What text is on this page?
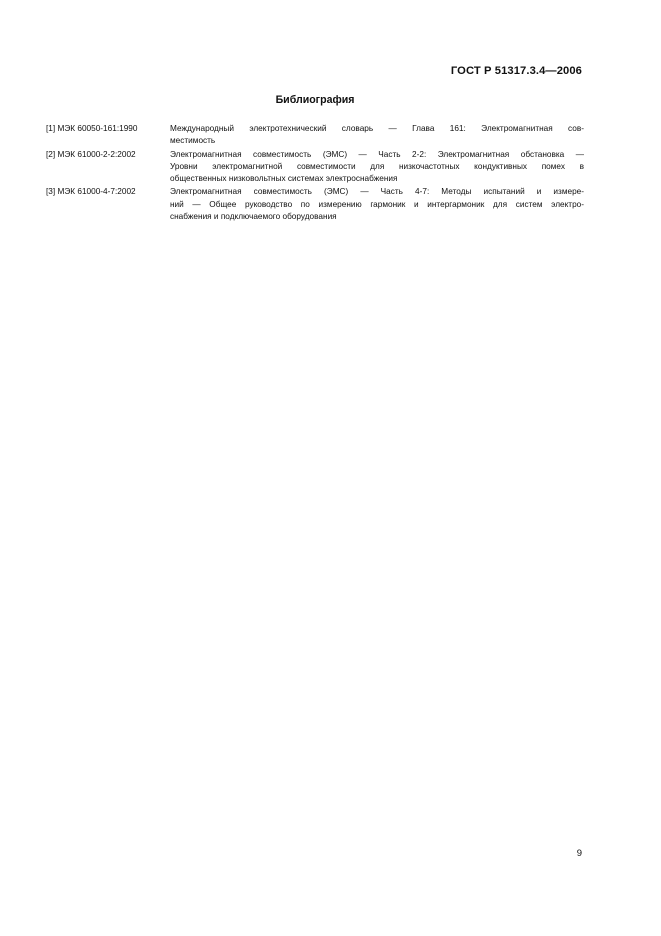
ГОСТ Р 51317.3.4—2006
Библиография
[1] МЭК 60050-161:1990	Международный электротехнический словарь — Глава 161: Электромагнитная сов-
местимость
[2] МЭК 61000-2-2:2002	Электромагнитная совместимость (ЭМС) — Часть 2-2: Электромагнитная обстановка —
Уровни электромагнитной совместимости для низкочастотных кондуктивных помех в
общественных низковольтных системах электроснабжения
[3] МЭК 61000-4-7:2002	Электромагнитная совместимость (ЭМС) — Часть 4-7: Методы испытаний и измере-
ний — Общее руководство по измерению гармоник и интергармоник для систем электро-
снабжения и подключаемого оборудования
9
